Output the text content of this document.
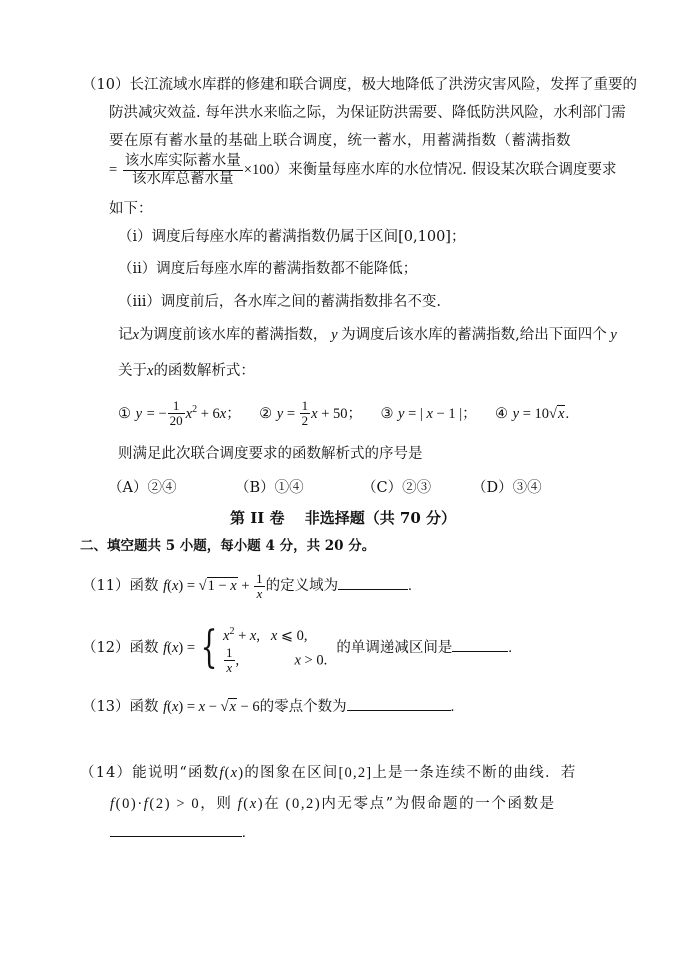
（10）长江流域水库群的修建和联合调度，极大地降低了洪涝灾害风险，发挥了重要的
防洪减灾效益. 每年洪水来临之际，为保证防洪需要、降低防洪风险，水利部门需
要在原有蓄水量的基础上联合调度，统一蓄水，用蓄满指数（蓄满指数
= $\frac{\text{该水库实际蓄水量}}{\text{该水库总蓄水量}} \times 100$）来衡量每座水库的水位情况. 假设某次联合调度要求
如下：
（ⅰ）调度后每座水库的蓄满指数仍属于区间[0,100]；
（ⅱ）调度后每座水库的蓄满指数都不能降低；
（ⅲ）调度前后，各水库之间的蓄满指数排名不变.
记x为调度前该水库的蓄满指数， y 为调度后该水库的蓄满指数,给出下面四个 y
关于x的函数解析式：
① y = − $\frac{1}{20} x^2 + 6x$； ② $y = \frac{1}{2}$ x + 50； ③ y = | x − 1 |； ④ y = 10√x.
则满足此次联合调度要求的函数解析式的序号是
（A）②④	（B）①④	（C）②③	（D）③④
第 II 卷　 非选择题（共 70 分）
二、填空题共 5 小题，每小题 4 分，共 20 分。
（11）函数 $f(x) = √1 - x + \frac{1}{x}$ 的定义域为	.
（12）函数 f(x) = { $x^2 + x$,   x ⩽ 0,
$\frac{1}{x}$ ,	x > 0.
的单调递减区间是	.
（13）函数 f(x) = x − √x − 6的零点个数为	.
（14）能说明“函数f(x)的图象在区间[0,2]上是一条连续不断的曲线．若
f(0)·f(2) > 0，则 f(x)在 (0,2)内无零点”为假命题的一个函数是
.
